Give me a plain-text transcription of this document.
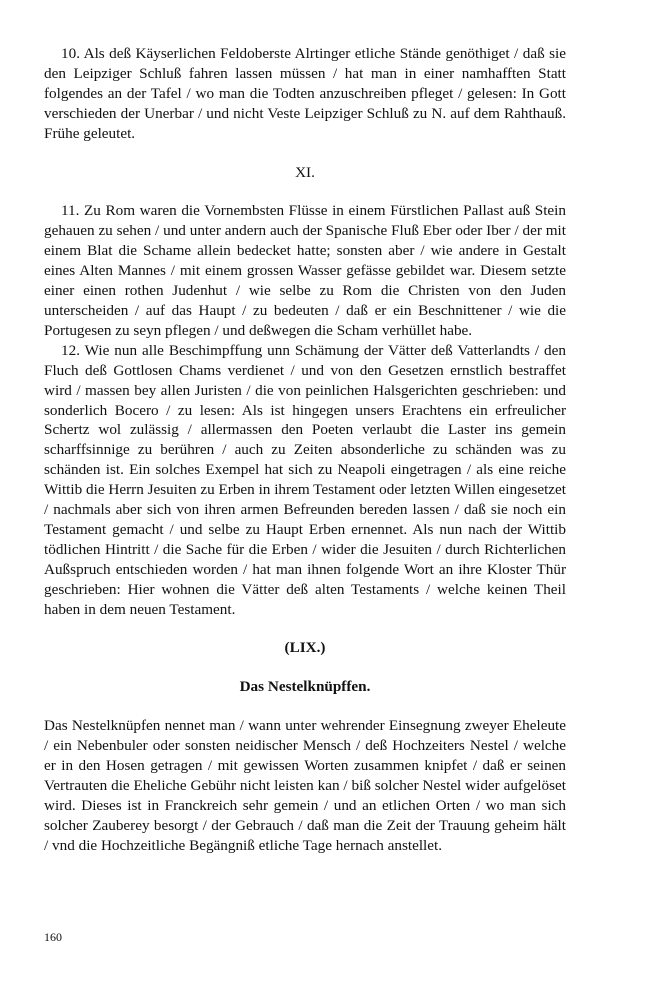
10. Als deß Käyserlichen Feldoberste Alrtinger etliche Stände genöthiget / daß sie den Leipziger Schluß fahren lassen müssen / hat man in einer namhafften Statt folgendes an der Tafel / wo man die Todten anzuschreiben pfleget / gelesen: In Gott verschieden der Unerbar / und nicht Veste Leipziger Schluß zu N. auf dem Rahthauß. Frühe geleutet.

XI.

11. Zu Rom waren die Vornembsten Flüsse in einem Fürstlichen Pallast auß Stein gehauen zu sehen / und unter andern auch der Spanische Fluß Eber oder Iber / der mit einem Blat die Schame allein bedecket hatte; sonsten aber / wie andere in Gestalt eines Alten Mannes / mit einem grossen Wasser gefässe gebildet war. Diesem setzte einer einen rothen Judenhut / wie selbe zu Rom die Christen von den Juden unterscheiden / auf das Haupt / zu bedeuten / daß er ein Beschnittener / wie die Portugesen zu seyn pflegen / und deßwegen die Scham verhüllet habe.

12. Wie nun alle Beschimpffung unn Schämung der Vätter deß Vatterlandts / den Fluch deß Gottlosen Chams verdienet / und von den Gesetzen ernstlich bestraffet wird / massen bey allen Juristen / die von peinlichen Halsgerichten geschrieben: und sonderlich Bocero / zu lesen: Als ist hingegen unsers Erachtens ein erfreulicher Schertz wol zulässig / allermassen den Poeten verlaubt die Laster ins gemein scharffsinnige zu berühren / auch zu Zeiten absonderliche zu schänden was zu schänden ist. Ein solches Exempel hat sich zu Neapoli eingetragen / als eine reiche Wittib die Herrn Jesuiten zu Erben in ihrem Testament oder letzten Willen eingesetzet / nachmals aber sich von ihren armen Befreunden bereden lassen / daß sie noch ein Testament gemacht / und selbe zu Haupt Erben ernennet. Als nun nach der Wittib tödlichen Hintritt / die Sache für die Erben / wider die Jesuiten / durch Richterlichen Außspruch entschieden worden / hat man ihnen folgende Wort an ihre Kloster Thür geschrieben: Hier wohnen die Vätter deß alten Testaments / welche keinen Theil haben in dem neuen Testament.

(LIX.)

Das Nestelknüpffen.

Das Nestelknüpfen nennet man / wann unter wehrender Einsegnung zweyer Eheleute / ein Nebenbuler oder sonsten neidischer Mensch / deß Hochzeiters Nestel / welche er in den Hosen getragen / mit gewissen Worten zusammen knipfet / daß er seinen Vertrauten die Eheliche Gebühr nicht leisten kan / biß solcher Nestel wider aufgelöset wird. Dieses ist in Franckreich sehr gemein / und an etlichen Orten / wo man sich solcher Zauberey besorgt / der Gebrauch / daß man die Zeit der Trauung geheim hält / vnd die Hochzeitliche Begängniß etliche Tage hernach anstellet.

160
